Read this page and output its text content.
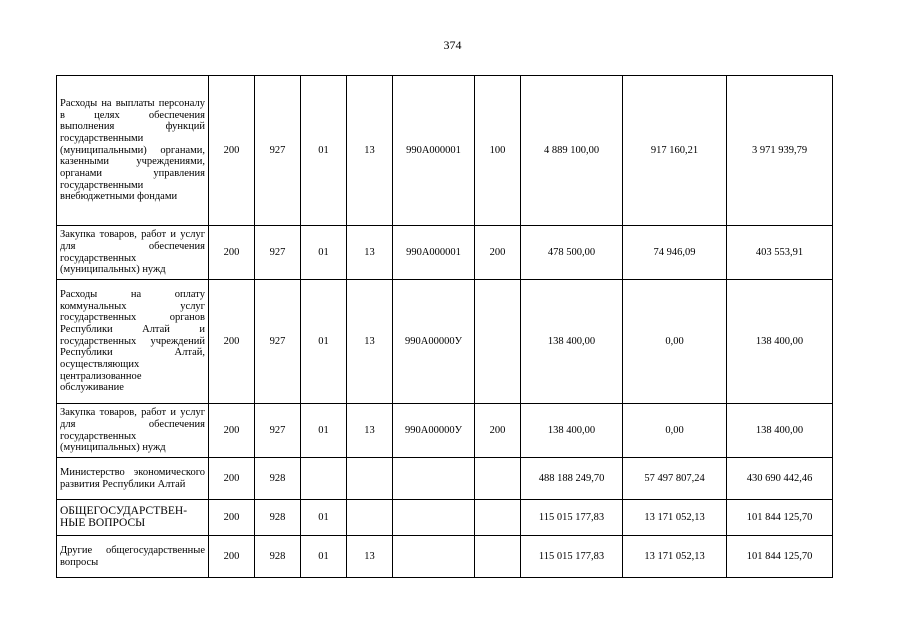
374
Расходы на выплаты персоналу в целях обеспечения выполнения функций государственными (муниципальными) органами, казенными учреждениями, органами управления государственными внебюджетными фондами	200	927	01	13	990A000001	100	4 889 100,00	917 160,21	3 971 939,79
Закупка товаров, работ и услуг для обеспечения государственных (муниципальных) нужд	200	927	01	13	990A000001	200	478 500,00	74 946,09	403 553,91
Расходы на оплату коммунальных услуг государственных органов Республики Алтай и государственных учреждений Республики Алтай, осуществляющих централизованное обслуживание	200	927	01	13	990A00000У		138 400,00	0,00	138 400,00
Закупка товаров, работ и услуг для обеспечения государственных (муниципальных) нужд	200	927	01	13	990A00000У	200	138 400,00	0,00	138 400,00
Министерство экономического развития Республики Алтай	200	928					488 188 249,70	57 497 807,24	430 690 442,46
ОБЩЕГОСУДАРСТВЕН-НЫЕ ВОПРОСЫ	200	928	01				115 015 177,83	13 171 052,13	101 844 125,70
Другие общегосударственные вопросы	200	928	01	13			115 015 177,83	13 171 052,13	101 844 125,70
